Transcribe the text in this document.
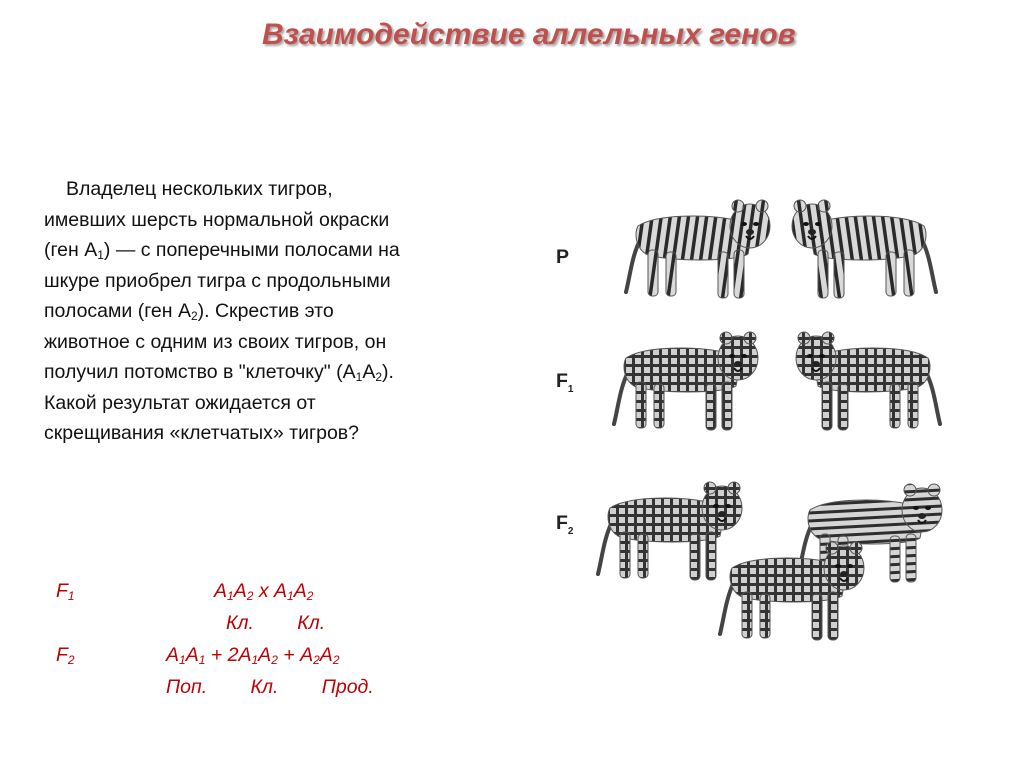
Взаимодействие аллельных генов
Владелец нескольких тигров,
имевших шерсть нормальной окраски
(ген $А_1$) — с поперечными полосами на
шкуре приобрел тигра с продольными
полосами (ген $А_2$). Скрестив это
животное с одним из своих тигров, он
получил потомство в "клеточку" $(А_1А_2)$.
Какой результат ожидается от
скрещивания «клетчатых» тигров?
P
$F_1$
$F_2$
$F_1$	$А_1А_2$ х $А_1А_2$
Кл.        Кл.
$F_2$	$А_1А_1 + 2А_1А_2 + А_2А_2$
Поп.        Кл.        Прод.
